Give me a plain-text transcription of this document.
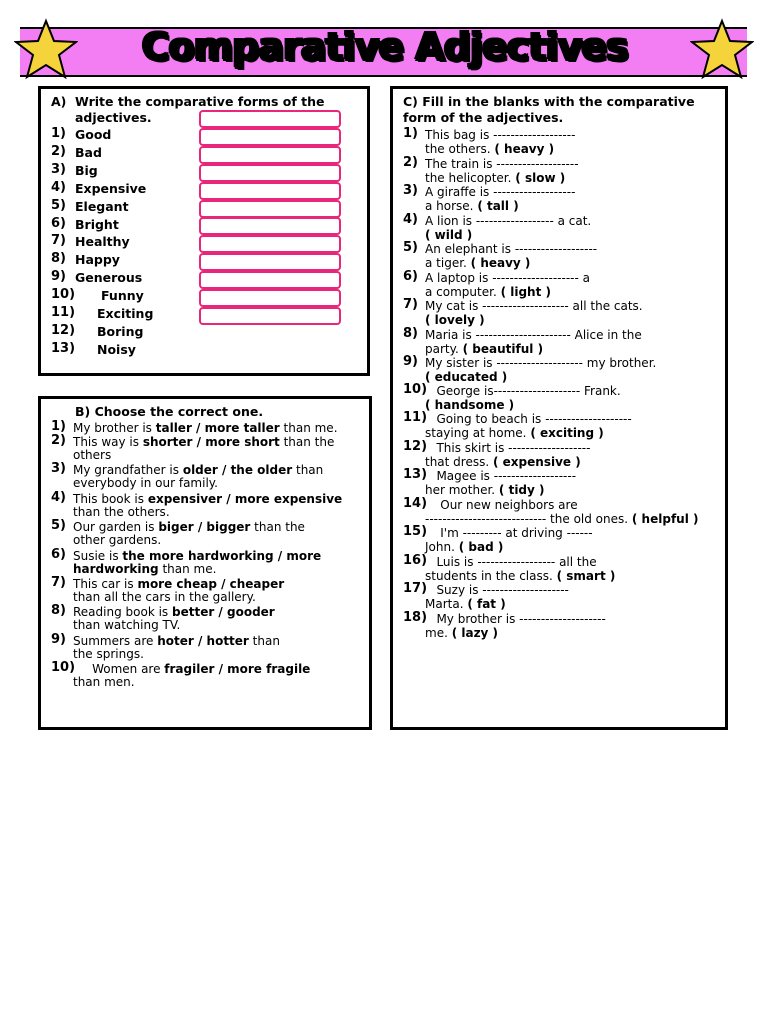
Comparative Adjectives
A) Write the comparative forms of the
adjectives.
1) Good
2) Bad
3) Big
4) Expensive
5) Elegant
6) Bright
7) Healthy
8) Happy
9) Generous
10) Funny
11) Exciting
12) Boring
13) Noisy
B) Choose the correct one.
1) My brother is taller / more taller than me.
2) This way is shorter / more short than the
others
3) My grandfather is older / the older than
everybody in our family.
4) This book is expensiver / more expensive
than the others.
5) Our garden is biger / bigger than the
other gardens.
6) Susie is the more hardworking / more
hardworking than me.
7) This car is more cheap / cheaper
than all the cars in the gallery.
8) Reading book is better / gooder
than watching TV.
9) Summers are hoter / hotter than
the springs.
10)
Women are fragiler / more fragile
than men.
C) Fill in the blanks with the comparative
form of the adjectives.
1) This bag is -------------------
the others. ( heavy )
2) The train is -------------------
the helicopter. ( slow )
3) A giraffe is -------------------
a horse. ( tall )
4) A lion is ------------------ a cat.
( wild )
5) An elephant is -------------------
a tiger. ( heavy )
6) A laptop is -------------------- a
a computer. ( light )
7) My cat is -------------------- all the cats.
( lovely )
8) Maria is ---------------------- Alice in the
party. ( beautiful )
9) My sister is -------------------- my brother.
( educated )
10)
George is-------------------- Frank.
( handsome )
11)
Going to beach is --------------------
staying at home. ( exciting )
12)
This skirt is -------------------
that dress. ( expensive )
13)
Magee is -------------------
her mother. ( tidy )
14)
Our new neighbors are
---------------------------- the old ones. ( helpful )
15)
I'm --------- at driving ------
John. ( bad )
16)
Luis is ------------------ all the
students in the class. ( smart )
17)
Suzy is --------------------
Marta. ( fat )
18)
My brother is --------------------
me. ( lazy )
